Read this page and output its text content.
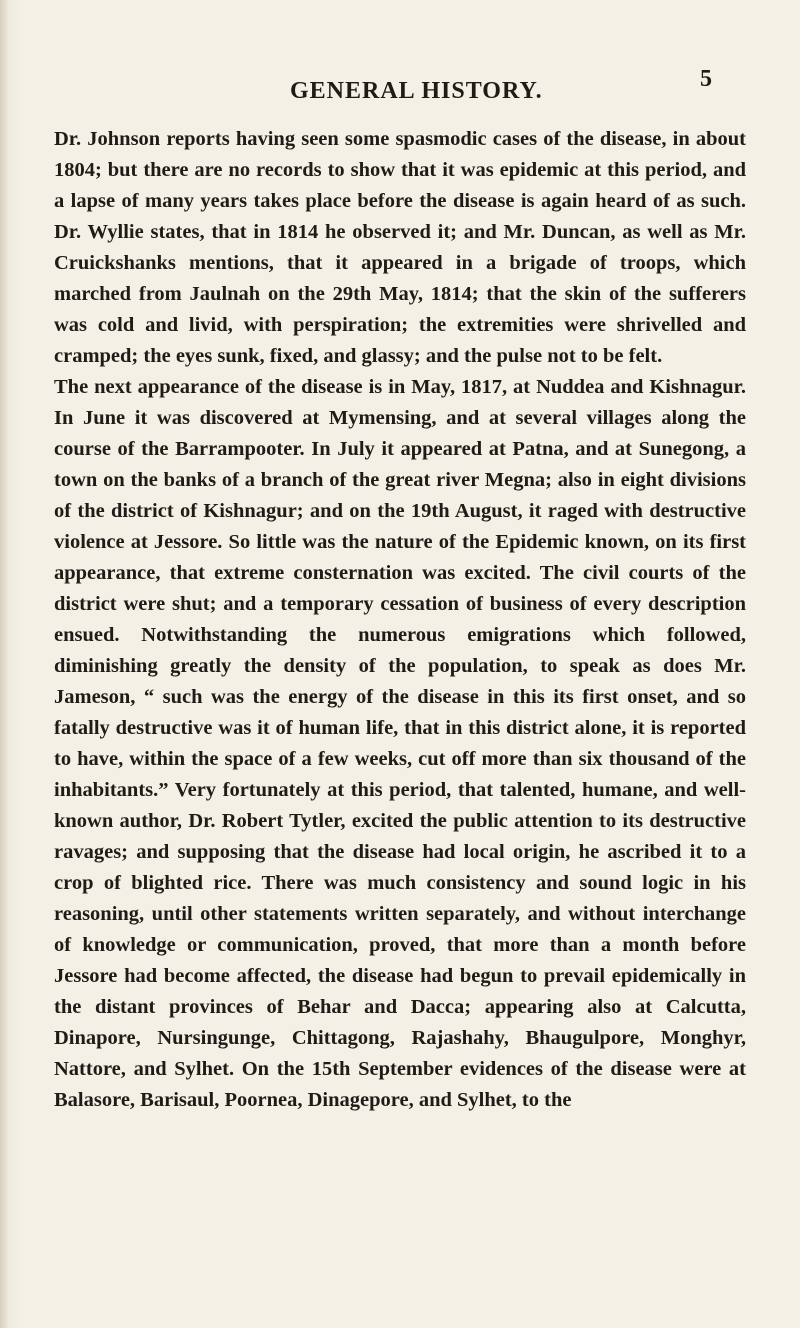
GENERAL HISTORY.	5

Dr. Johnson reports having seen some spasmodic cases of the disease, in about 1804; but there are no records to show that it was epidemic at this period, and a lapse of many years takes place before the disease is again heard of as such. Dr. Wyllie states, that in 1814 he observed it; and Mr. Duncan, as well as Mr. Cruickshanks mentions, that it appeared in a brigade of troops, which marched from Jaulnah on the 29th May, 1814; that the skin of the sufferers was cold and livid, with perspiration; the extremities were shrivelled and cramped; the eyes sunk, fixed, and glassy; and the pulse not to be felt.

The next appearance of the disease is in May, 1817, at Nuddea and Kishnagur. In June it was discovered at Mymensing, and at several villages along the course of the Barrampooter. In July it appeared at Patna, and at Sunegong, a town on the banks of a branch of the great river Megna; also in eight divisions of the district of Kishnagur; and on the 19th August, it raged with destructive violence at Jessore. So little was the nature of the Epidemic known, on its first appearance, that extreme consternation was excited. The civil courts of the district were shut; and a temporary cessation of business of every description ensued. Notwithstanding the numerous emigrations which followed, diminishing greatly the density of the population, to speak as does Mr. Jameson, “ such was the energy of the disease in this its first onset, and so fatally destructive was it of human life, that in this district alone, it is reported to have, within the space of a few weeks, cut off more than six thousand of the inhabitants.” Very fortunately at this period, that talented, humane, and well-known author, Dr. Robert Tytler, excited the public attention to its destructive ravages; and supposing that the disease had local origin, he ascribed it to a crop of blighted rice. There was much consistency and sound logic in his reasoning, until other statements written separately, and without interchange of knowledge or communication, proved, that more than a month before Jessore had become affected, the disease had begun to prevail epidemically in the distant provinces of Behar and Dacca; appearing also at Calcutta, Dinapore, Nursingunge, Chittagong, Rajashahy, Bhaugulpore, Monghyr, Nattore, and Sylhet. On the 15th September evidences of the disease were at Balasore, Barisaul, Poornea, Dinagepore, and Sylhet, to the
